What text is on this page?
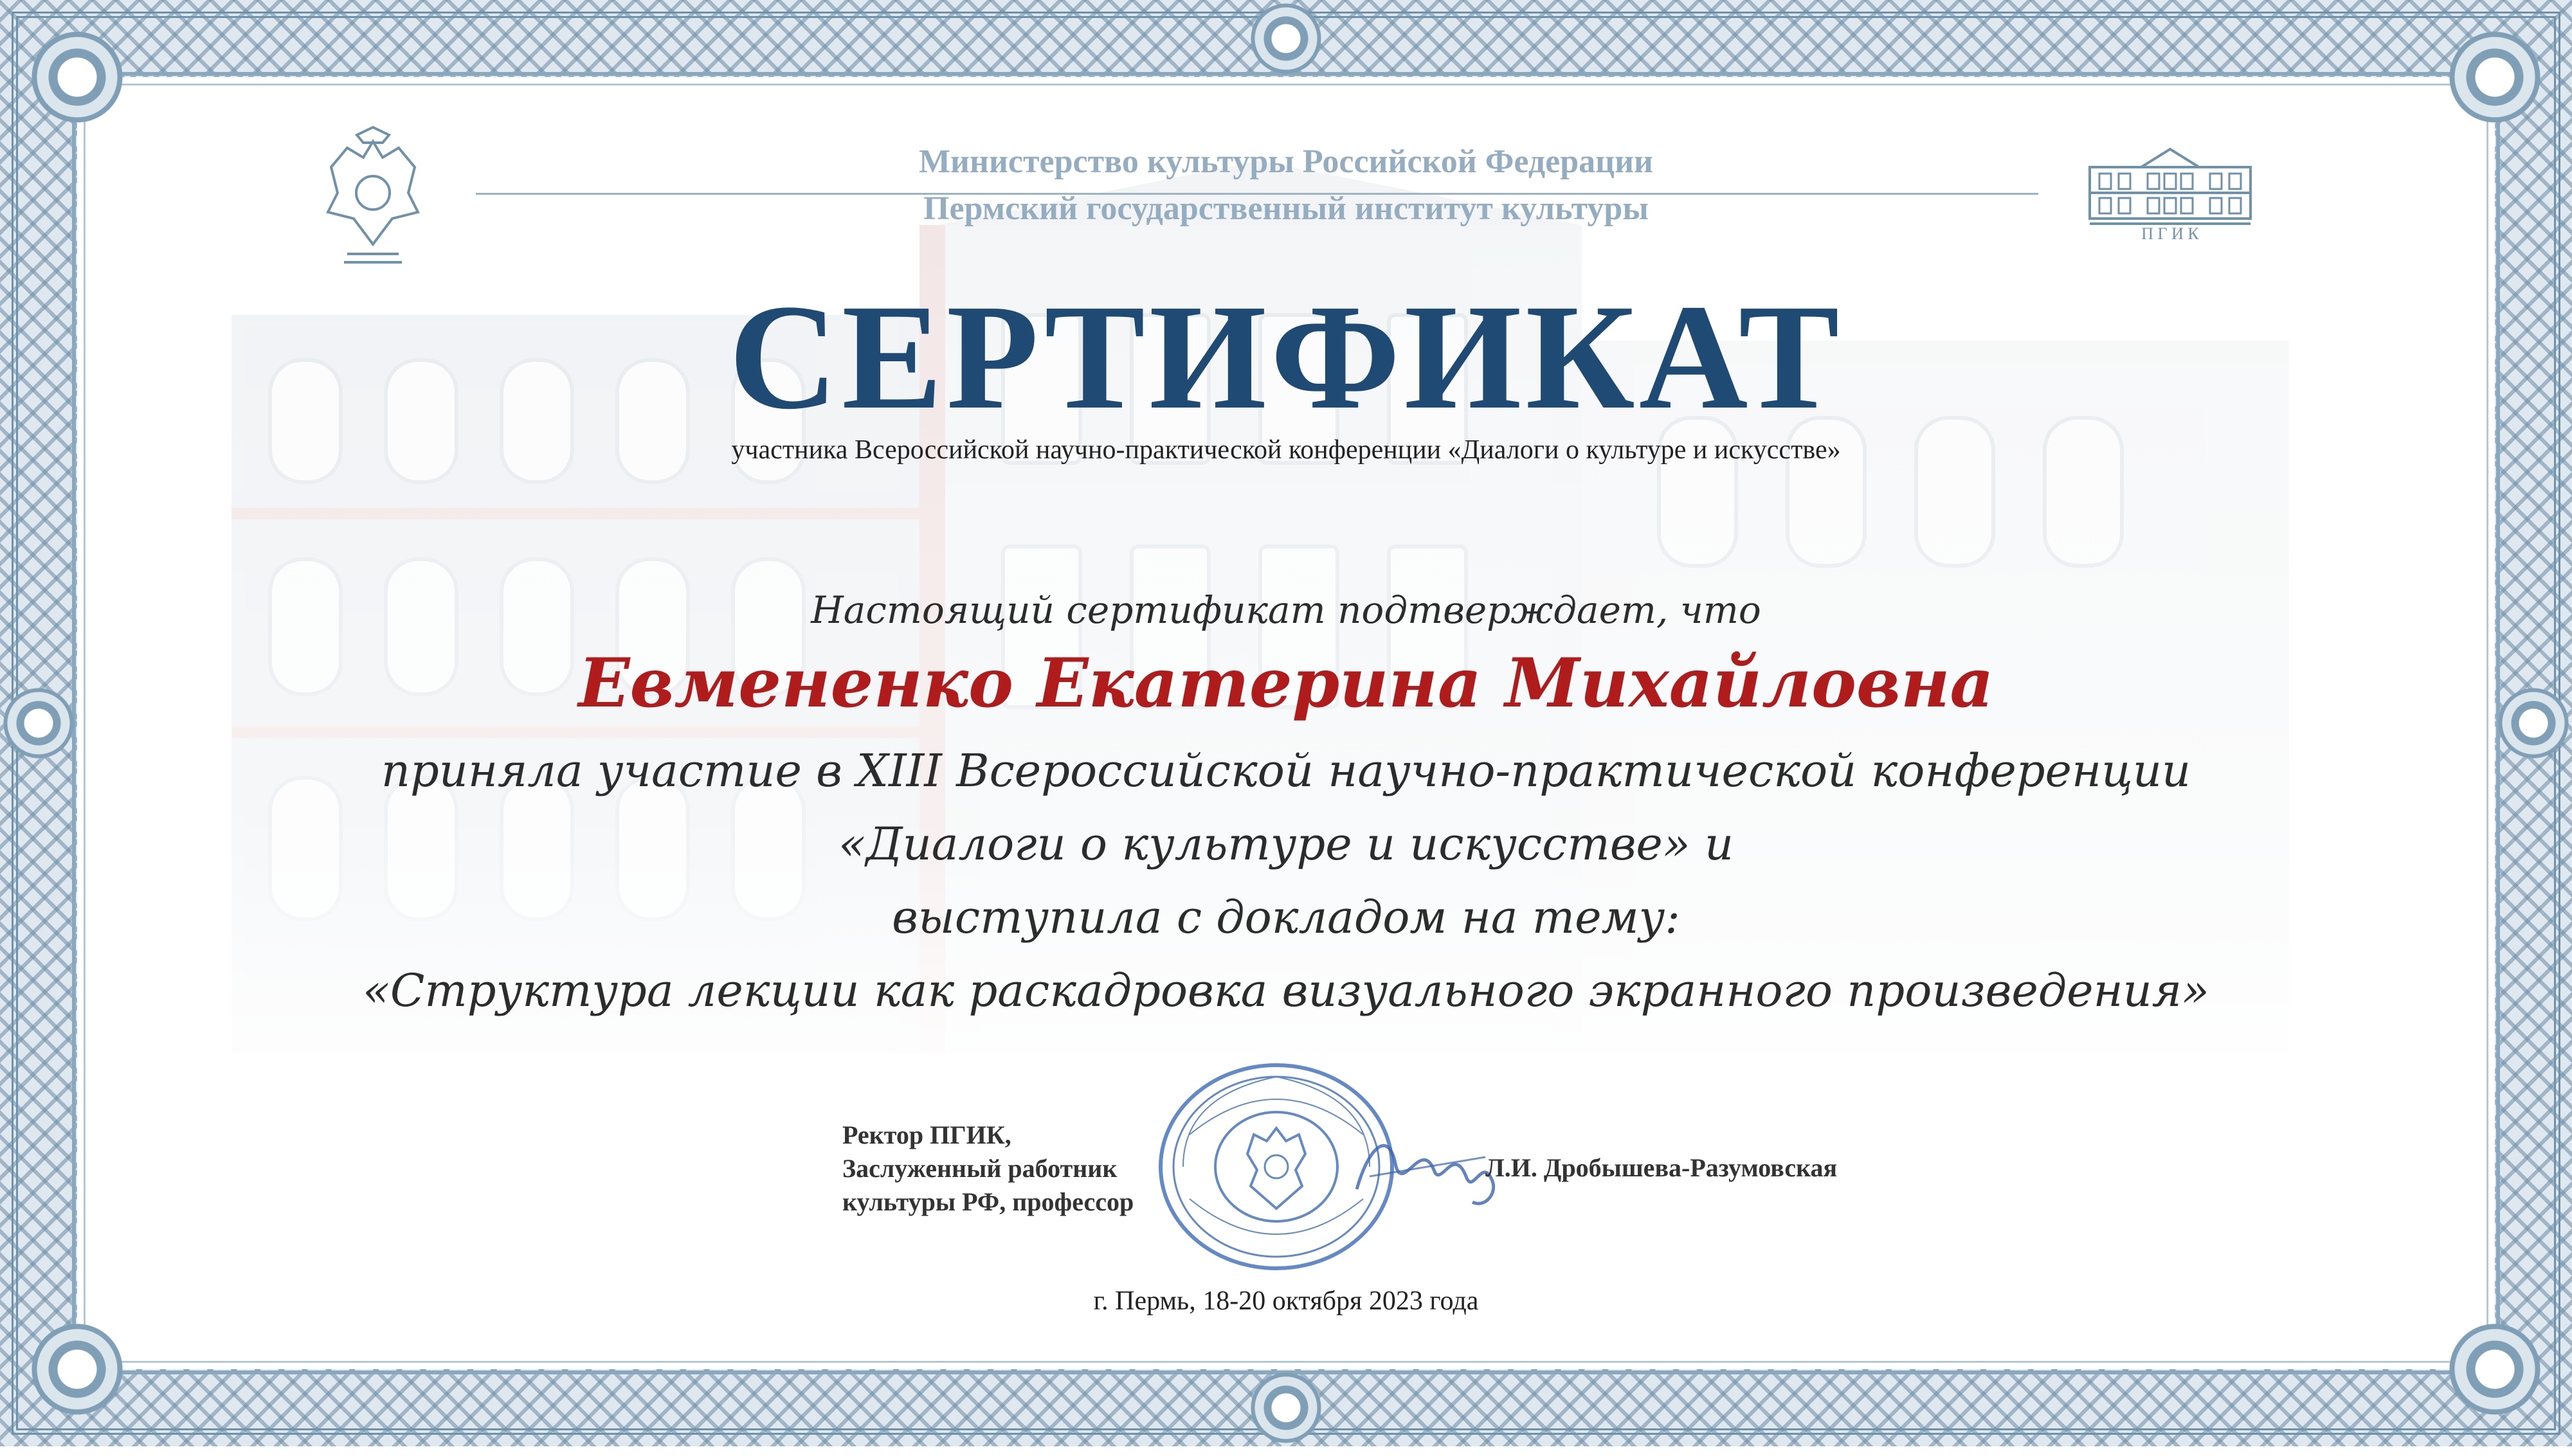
П Г И К
Министерство культуры Российской Федерации
Пермский государственный институт культуры
СЕРТИФИКАТ
участника Всероссийской научно-практической конференции «Диалоги о культуре и искусстве»
Настоящий сертификат подтверждает, что
Евмененко Екатерина Михайловна
приняла участие в XIII Всероссийской научно-практической конференции
«Диалоги о культуре и искусстве» и
выступила с докладом на тему:
«Структура лекции как раскадровка визуального экранного произведения»
Ректор ПГИК,
Заслуженный работник
культуры РФ, профессор
Л.И. Дробышева-Разумовская
г. Пермь, 18-20 октября 2023 года
